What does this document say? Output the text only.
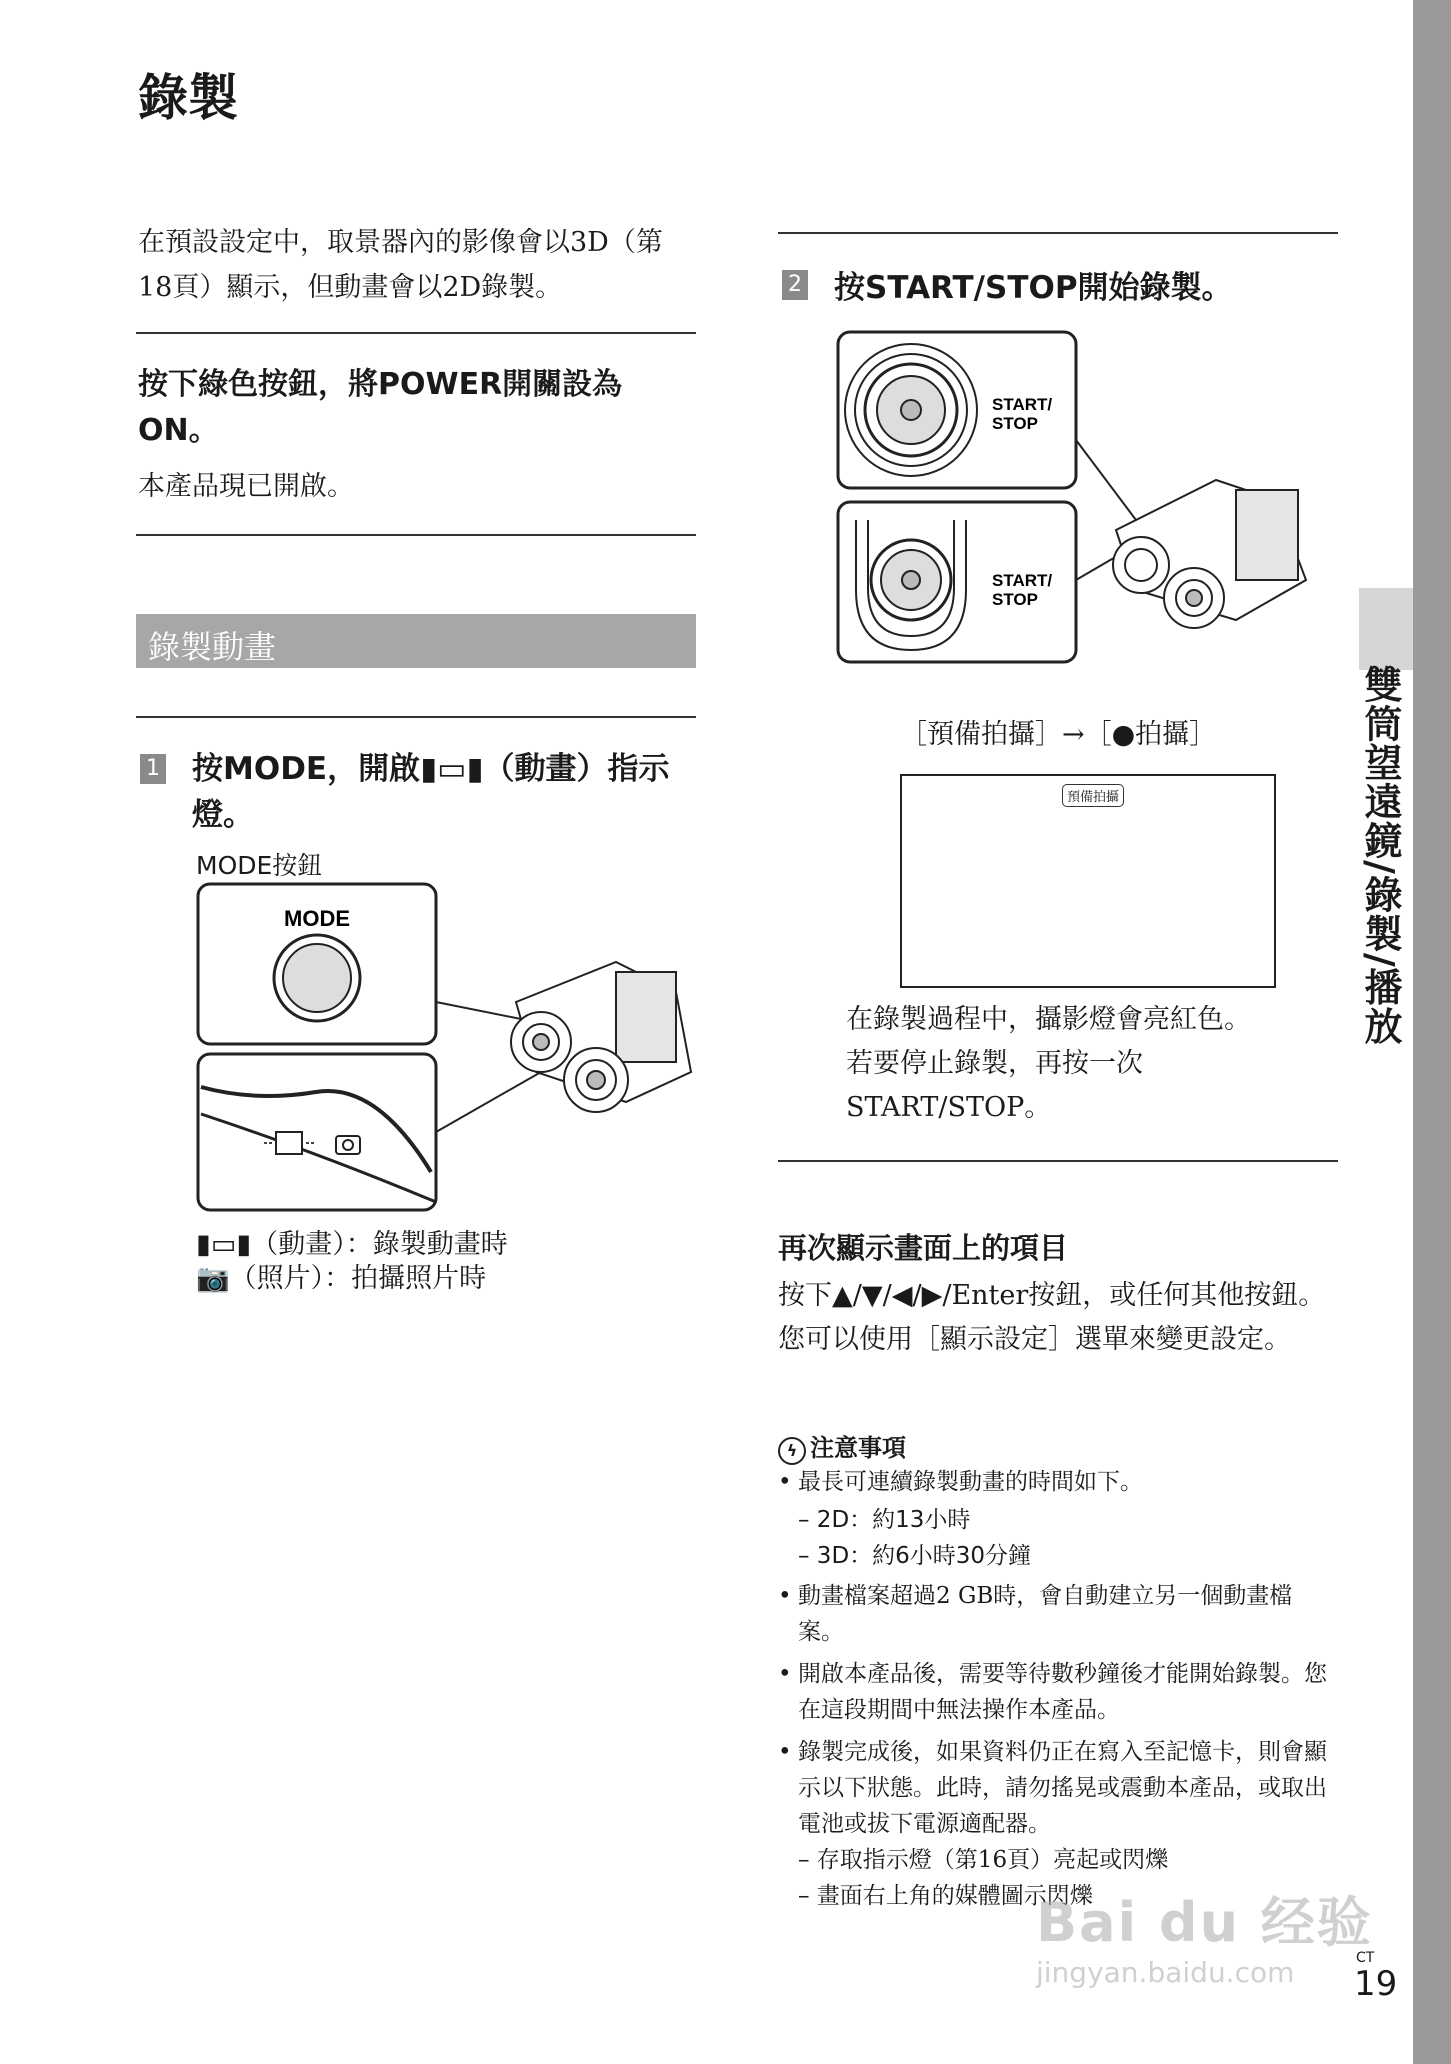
雙筒望遠鏡/錄製/播放
錄製
在預設設定中，取景器內的影像會以3D（第18頁）顯示，但動畫會以2D錄製。
按下綠色按鈕，將POWER開關設為ON。
本產品現已開啟。
錄製動畫
1 按MODE，開啟▮▭▮（動畫）指示燈。
MODE按鈕
MODE
▮▭▮（動畫）：錄製動畫時
📷（照片）：拍攝照片時
2 按START/STOP開始錄製。
START/
STOP
START/
STOP
［預備拍攝］→［●拍攝］
預備拍攝
在錄製過程中，攝影燈會亮紅色。
若要停止錄製，再按一次
START/STOP。
再次顯示畫面上的項目
按下▲/▼/◀/▶/Enter按鈕，或任何其他按鈕。您可以使用［顯示設定］選單來變更設定。
ϟ 注意事項
• 最長可連續錄製動畫的時間如下。
– 2D：約13小時
– 3D：約6小時30分鐘
• 動畫檔案超過2 GB時，會自動建立另一個動畫檔案。
• 開啟本產品後，需要等待數秒鐘後才能開始錄製。您在這段期間中無法操作本產品。
• 錄製完成後，如果資料仍正在寫入至記憶卡，則會顯示以下狀態。此時，請勿搖晃或震動本產品，或取出電池或拔下電源適配器。
– 存取指示燈（第16頁）亮起或閃爍
– 畫面右上角的媒體圖示閃爍
Bai du 经验
jingyan.baidu.com	CT
19
